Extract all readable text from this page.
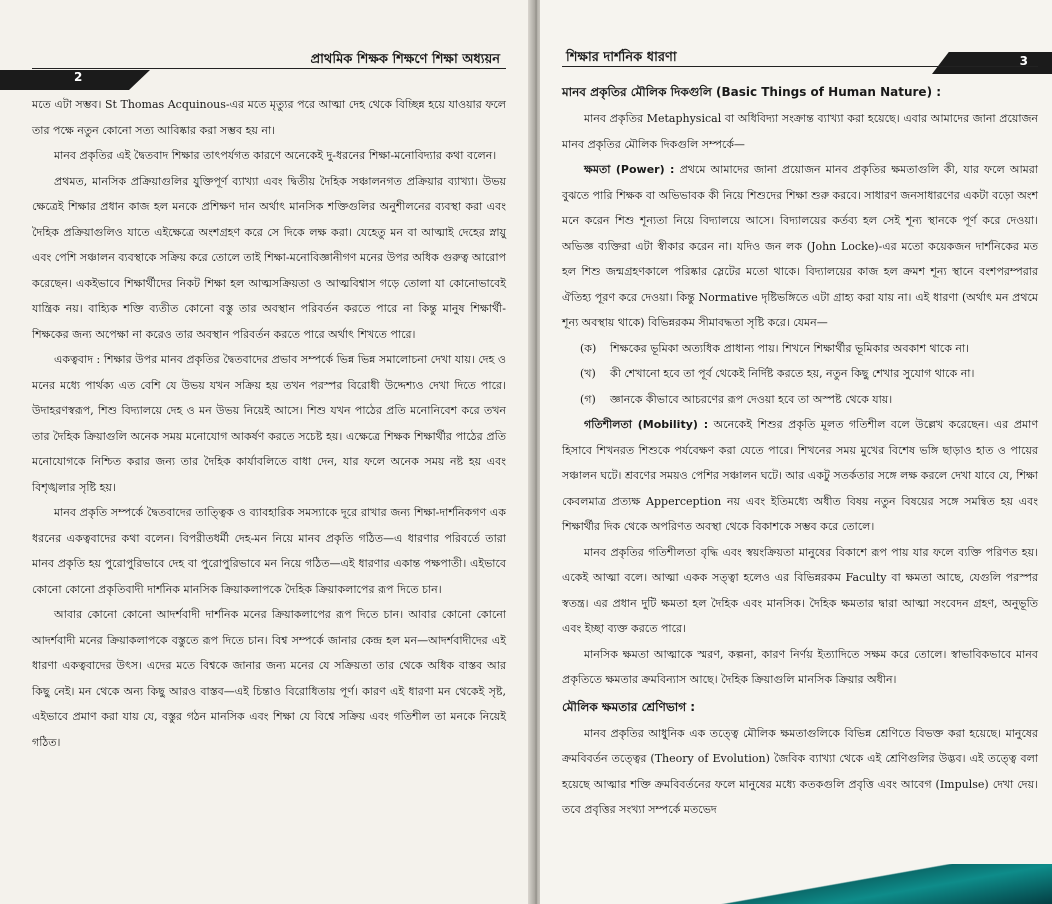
2
প্রাথমিক শিক্ষক শিক্ষণে শিক্ষা অধ্যয়ন

মতে এটা সম্ভব। St Thomas Acquinous-এর মতে মৃত্যুর পরে আত্মা দেহ থেকে বিচ্ছিন্ন হয়ে যাওয়ার ফলে তার পক্ষে নতুন কোনো সত্য আবিষ্কার করা সম্ভব হয় না।

মানব প্রকৃতির এই দ্বৈতবাদ শিক্ষার তাৎপর্যগত কারণে অনেকেই দু-ধরনের শিক্ষা-মনোবিদ্যার কথা বলেন।

প্রথমত, মানসিক প্রক্রিয়াগুলির যুক্তিপূর্ণ ব্যাখ্যা এবং দ্বিতীয় দৈহিক সঞ্চালনগত প্রক্রিয়ার ব্যাখ্যা। উভয় ক্ষেত্রেই শিক্ষার প্রধান কাজ হল মনকে প্রশিক্ষণ দান অর্থাৎ মানসিক শক্তিগুলির অনুশীলনের ব্যবস্থা করা এবং দৈহিক প্রক্রিয়াগুলিও যাতে এইক্ষেত্রে অংশগ্রহণ করে সে দিকে লক্ষ করা। যেহেতু মন বা আত্মাই দেহের স্নায়ু এবং পেশি সঞ্চালন ব্যবস্থাকে সক্রিয় করে তোলে তাই শিক্ষা-মনোবিজ্ঞানীগণ মনের উপর অধিক গুরুত্ব আরোপ করেছেন। একইভাবে শিক্ষার্থীদের নিকট শিক্ষা হল আত্মসক্রিয়তা ও আত্মবিশ্বাস গড়ে তোলা যা কোনোভাবেই যান্ত্রিক নয়। বাহ্যিক শক্তি ব্যতীত কোনো বস্তু তার অবস্থান পরিবর্তন করতে পারে না কিন্তু মানুষ শিক্ষার্থী-শিক্ষকের জন্য অপেক্ষা না করেও তার অবস্থান পরিবর্তন করতে পারে অর্থাৎ শিখতে পারে।

একত্ববাদ : শিক্ষার উপর মানব প্রকৃতির দ্বৈতবাদের প্রভাব সম্পর্কে ভিন্ন ভিন্ন সমালোচনা দেখা যায়। দেহ ও মনের মধ্যে পার্থক্য এত বেশি যে উভয় যখন সক্রিয় হয় তখন পরস্পর বিরোধী উদ্দেশ্যও দেখা দিতে পারে। উদাহরণস্বরূপ, শিশু বিদ্যালয়ে দেহ ও মন উভয় নিয়েই আসে। শিশু যখন পাঠের প্রতি মনোনিবেশ করে তখন তার দৈহিক ক্রিয়াগুলি অনেক সময় মনোযোগ আকর্ষণ করতে সচেষ্ট হয়। এক্ষেত্রে শিক্ষক শিক্ষার্থীর পাঠের প্রতি মনোযোগকে নিশ্চিত করার জন্য তার দৈহিক কার্যাবলিতে বাধা দেন, যার ফলে অনেক সময় নষ্ট হয় এবং বিশৃঙ্খলার সৃষ্টি হয়।

মানব প্রকৃতি সম্পর্কে দ্বৈতবাদের তাত্ত্বিক ও ব্যাবহারিক সমস্যাকে দূরে রাখার জন্য শিক্ষা-দার্শনিকগণ এক ধরনের একত্ববাদের কথা বলেন। বিপরীতধর্মী দেহ-মন নিয়ে মানব প্রকৃতি গঠিত—এ ধারণার পরিবর্তে তারা মানব প্রকৃতি হয় পুরোপুরিভাবে দেহ বা পুরোপুরিভাবে মন নিয়ে গঠিত—এই ধারণার একান্ত পক্ষপাতী। এইভাবে কোনো কোনো প্রকৃতিবাদী দার্শনিক মানসিক ক্রিয়াকলাপকে দৈহিক ক্রিয়াকলাপের রূপ দিতে চান।

আবার কোনো কোনো আদর্শবাদী দার্শনিক মনের ক্রিয়াকলাপের রূপ দিতে চান। আবার কোনো কোনো আদর্শবাদী মনের ক্রিয়াকলাপকে বস্তুতে রূপ দিতে চান। বিশ্ব সম্পর্কে জানার কেন্দ্র হল মন—আদর্শবাদীদের এই ধারণা একত্ববাদের উৎস। এদের মতে বিশ্বকে জানার জন্য মনের যে সক্রিয়তা তার থেকে অধিক বাস্তব আর কিছু নেই। মন থেকে অন্য কিছু আরও বাস্তব—এই চিন্তাও বিরোধিতায় পূর্ণ। কারণ এই ধারণা মন থেকেই সৃষ্ট, এইভাবে প্রমাণ করা যায় যে, বস্তুর গঠন মানসিক এবং শিক্ষা যে বিশ্বে সক্রিয় এবং গতিশীল তা মনকে নিয়েই গঠিত।

শিক্ষার দার্শনিক ধারণা	3
মানব প্রকৃতির মৌলিক দিকগুলি (Basic Things of Human Nature) :

মানব প্রকৃতির Metaphysical বা অধিবিদ্যা সংক্রান্ত ব্যাখ্যা করা হয়েছে। এবার আমাদের জানা প্রয়োজন মানব প্রকৃতির মৌলিক দিকগুলি সম্পর্কে—

ক্ষমতা (Power) : প্রথমে আমাদের জানা প্রয়োজন মানব প্রকৃতির ক্ষমতাগুলি কী, যার ফলে আমরা বুঝতে পারি শিক্ষক বা অভিভাবক কী নিয়ে শিশুদের শিক্ষা শুরু করবে। সাধারণ জনসাধারণের একটা বড়ো অংশ মনে করেন শিশু শূন্যতা নিয়ে বিদ্যালয়ে আসে। বিদ্যালয়ের কর্তব্য হল সেই শূন্য স্থানকে পূর্ণ করে দেওয়া। অভিজ্ঞ ব্যক্তিরা এটা স্বীকার করেন না। যদিও জন লক (John Locke)-এর মতো কয়েকজন দার্শনিকের মত হল শিশু জন্মগ্রহণকালে পরিষ্কার স্লেটের মতো থাকে। বিদ্যালয়ের কাজ হল ক্রমশ শূন্য স্থানে বংশপরম্পরার ঐতিহ্য পূরণ করে দেওয়া। কিন্তু Normative দৃষ্টিভঙ্গিতে এটা গ্রাহ্য করা যায় না। এই ধারণা (অর্থাৎ মন প্রথমে শূন্য অবস্থায় থাকে) বিভিন্নরকম সীমাবদ্ধতা সৃষ্টি করে। যেমন—

(ক)	শিক্ষকের ভূমিকা অত্যধিক প্রাধান্য পায়। শিখনে শিক্ষার্থীর ভূমিকার অবকাশ থাকে না।
(খ)	কী শেখানো হবে তা পূর্ব থেকেই নির্দিষ্ট করতে হয়, নতুন কিছু শেখার সুযোগ থাকে না।
(গ)	জ্ঞানকে কীভাবে আচরণের রূপ দেওয়া হবে তা অস্পষ্ট থেকে যায়।

গতিশীলতা (Mobility) : অনেকেই শিশুর প্রকৃতি মূলত গতিশীল বলে উল্লেখ করেছেন। এর প্রমাণ হিসাবে শিখনরত শিশুকে পর্যবেক্ষণ করা যেতে পারে। শিখনের সময় মুখের বিশেষ ভঙ্গি ছাড়াও হাত ও পায়ের সঞ্চালন ঘটে। শ্রবণের সময়ও পেশির সঞ্চালন ঘটে। আর একটু সতর্কতার সঙ্গে লক্ষ করলে দেখা যাবে যে, শিক্ষা কেবলমাত্র প্রত্যক্ষ Apperception নয় এবং ইতিমধ্যে অধীত বিষয় নতুন বিষয়ের সঙ্গে সমন্বিত হয় এবং শিক্ষার্থীর দিক থেকে অপরিণত অবস্থা থেকে বিকাশকে সম্ভব করে তোলে।

মানব প্রকৃতির গতিশীলতা বৃদ্ধি এবং স্বয়ংক্রিয়তা মানুষের বিকাশে রূপ পায় যার ফলে ব্যক্তি পরিণত হয়। একেই আত্মা বলে। আত্মা একক সত্ত্বা হলেও এর বিভিন্নরকম Faculty বা ক্ষমতা আছে, যেগুলি পরস্পর স্বতন্ত্র। এর প্রধান দুটি ক্ষমতা হল দৈহিক এবং মানসিক। দৈহিক ক্ষমতার দ্বারা আত্মা সংবেদন গ্রহণ, অনুভূতি এবং ইচ্ছা ব্যক্ত করতে পারে।

মানসিক ক্ষমতা আত্মাকে স্মরণ, কল্পনা, কারণ নির্ণয় ইত্যাদিতে সক্ষম করে তোলে। স্বাভাবিকভাবে মানব প্রকৃতিতে ক্ষমতার ক্রমবিন্যাস আছে। দৈহিক ক্রিয়াগুলি মানসিক ক্রিয়ার অধীন।

মৌলিক ক্ষমতার শ্রেণিভাগ :

মানব প্রকৃতির আধুনিক এক তত্ত্বে মৌলিক ক্ষমতাগুলিকে বিভিন্ন শ্রেণিতে বিভক্ত করা হয়েছে। মানুষের ক্রমবিবর্তন তত্ত্বের (Theory of Evolution) জৈবিক ব্যাখ্যা থেকে এই শ্রেণিগুলির উদ্ভব। এই তত্ত্বে বলা হয়েছে আত্মার শক্তি ক্রমবিবর্তনের ফলে মানুষের মধ্যে কতকগুলি প্রবৃত্তি এবং আবেগ (Impulse) দেখা দেয়। তবে প্রবৃত্তির সংখ্যা সম্পর্কে মতভেদ
